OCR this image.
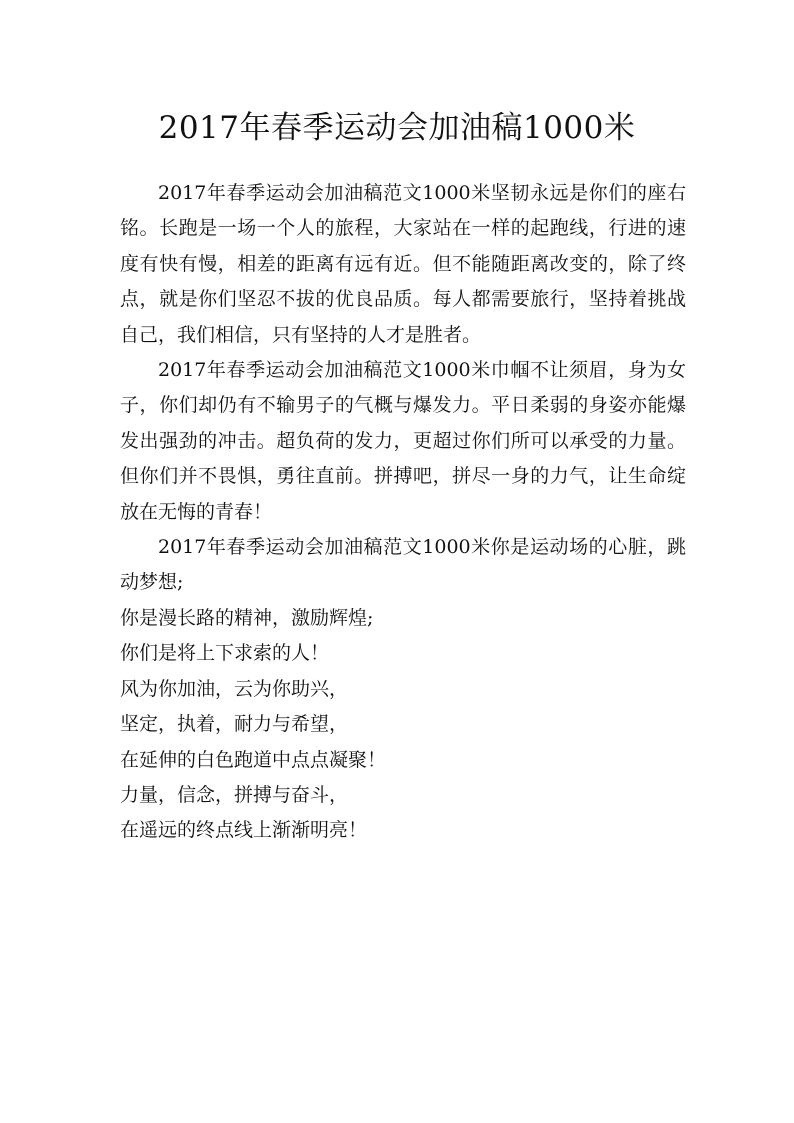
2017年春季运动会加油稿1000米

2017年春季运动会加油稿范文1000米坚韧永远是你们的座右铭。长跑是一场一个人的旅程，大家站在一样的起跑线，行进的速度有快有慢，相差的距离有远有近。但不能随距离改变的，除了终点，就是你们坚忍不拔的优良品质。每人都需要旅行，坚持着挑战自己，我们相信，只有坚持的人才是胜者。

2017年春季运动会加油稿范文1000米巾帼不让须眉，身为女子，你们却仍有不输男子的气概与爆发力。平日柔弱的身姿亦能爆发出强劲的冲击。超负荷的发力，更超过你们所可以承受的力量。但你们并不畏惧，勇往直前。拼搏吧，拼尽一身的力气，让生命绽放在无悔的青春！

2017年春季运动会加油稿范文1000米你是运动场的心脏，跳动梦想;

你是漫长路的精神，激励辉煌;

你们是将上下求索的人！

风为你加油，云为你助兴，

坚定，执着，耐力与希望，

在延伸的白色跑道中点点凝聚！

力量，信念，拼搏与奋斗，

在遥远的终点线上渐渐明亮！
